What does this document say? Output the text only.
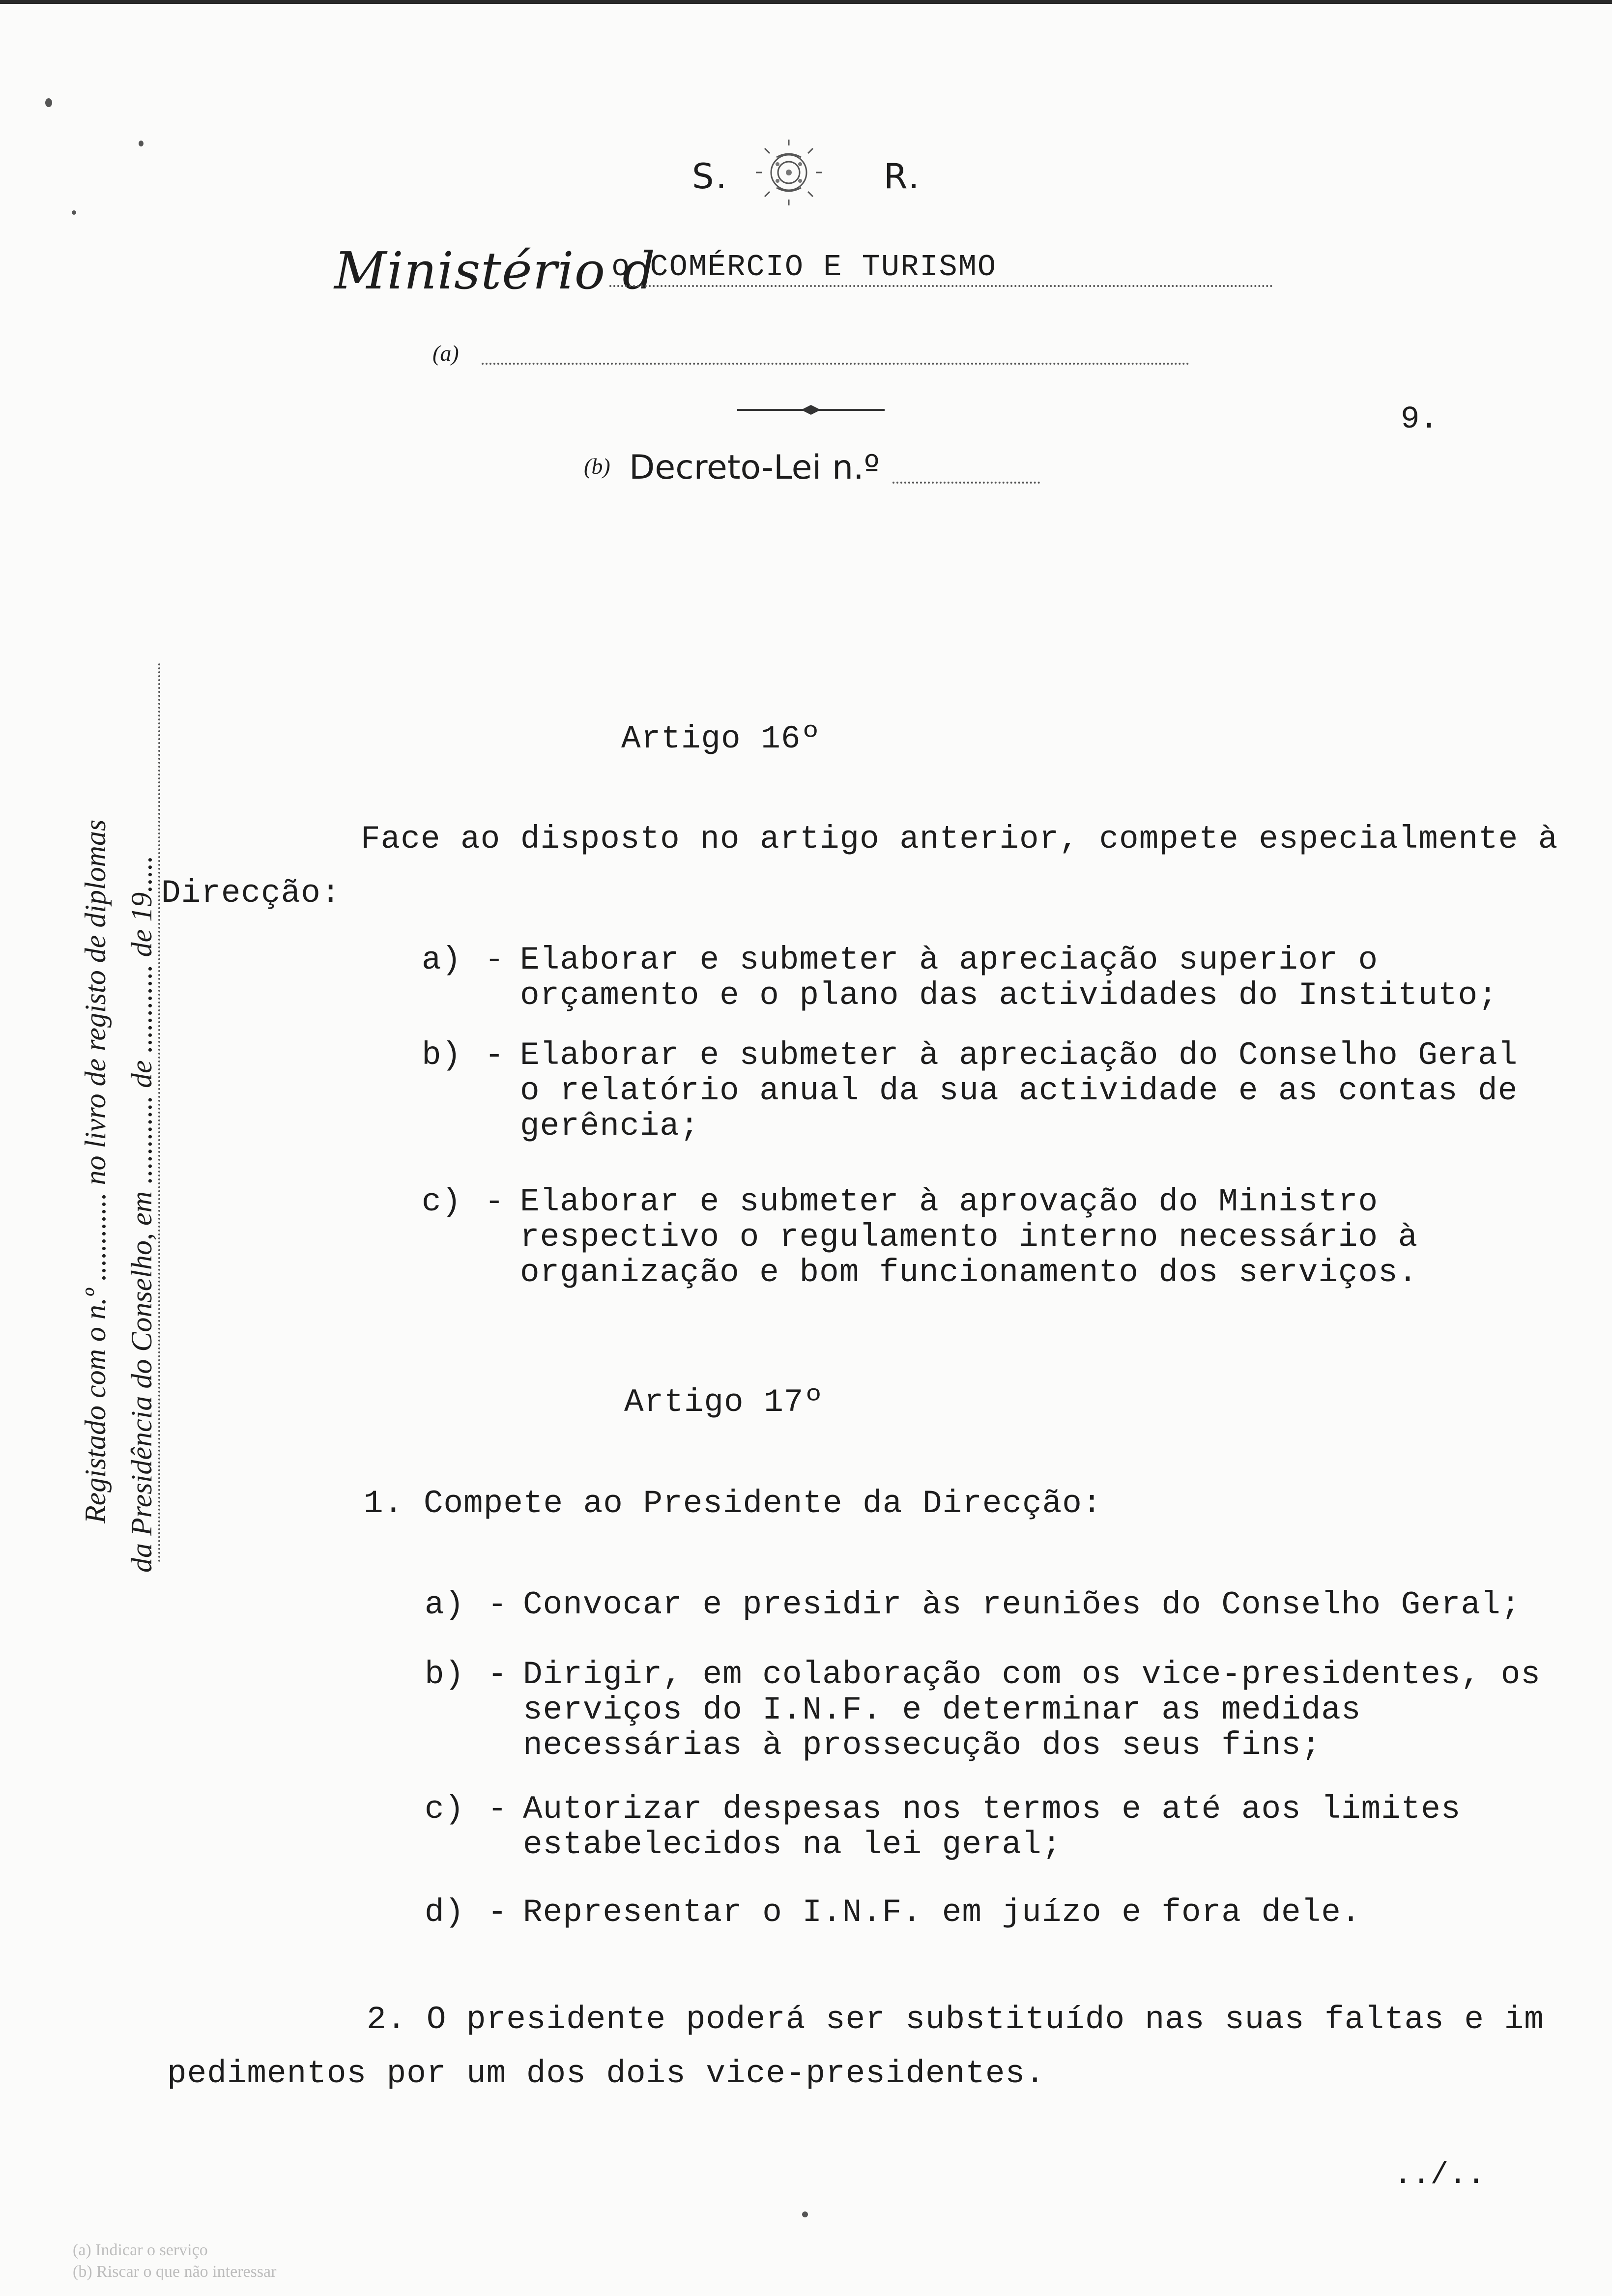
S.	R.
Ministério d
o COMÉRCIO E TURISMO
(a)
9.
(b) Decreto-Lei n.º
Registado com o n.º ............ no livro de registo de diplomas da Presidência do Conselho, em ............ de ............ de 19.....
Artigo 16º
Face ao disposto no artigo anterior, compete especialmente à
Direcção:
a) - Elaborar e submeter à apreciação superior o orçamento e o plano das actividades do Instituto;
b) - Elaborar e submeter à apreciação do Conselho Geral o relatório anual da sua actividade e as contas de gerência;
c) - Elaborar e submeter à aprovação do Ministro respectivo o regulamento interno necessário à organização e bom funcionamento dos serviços.
Artigo 17º
1. Compete ao Presidente da Direcção:
a) - Convocar e presidir às reuniões do Conselho Geral;
b) - Dirigir, em colaboração com os vice-presidentes, os serviços do I.N.F. e determinar as medidas necessárias à prossecução dos seus fins;
c) - Autorizar despesas nos termos e até aos limites estabelecidos na lei geral;
d) - Representar o I.N.F. em juízo e fora dele.
2. O presidente poderá ser substituído nas suas faltas e im
pedimentos por um dos dois vice-presidentes.
../..
(a) Indicar o serviço
(b) Riscar o que não interessar
